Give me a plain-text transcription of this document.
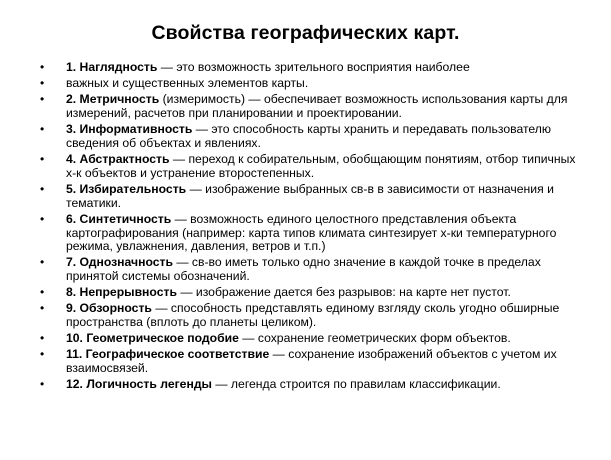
Свойства географических карт.
• 1. Наглядность — это возможность зрительного восприятия наиболее
• важных и существенных элементов карты.
• 2. Метричность (измеримость) — обеспечивает возможность использования карты для измерений, расчетов при планировании и проектировании.
• 3. Информативность — это способность карты хранить и передавать пользователю сведения об объектах и явлениях.
• 4. Абстрактность — переход к собирательным, обобщающим понятиям, отбор типичных х-к объектов и устранение второстепенных.
• 5. Избирательность — изображение выбранных св-в в зависимости от назначения и тематики.
• 6. Синтетичность — возможность единого целостного представления объекта картографирования (например: карта типов климата синтезирует х-ки температурного режима, увлажнения, давления, ветров и т.п.)
• 7. Однозначность — св-во иметь только одно значение в каждой точке в пределах принятой системы обозначений.
• 8. Непрерывность — изображение дается без разрывов: на карте нет пустот.
• 9. Обзорность — способность представлять единому взгляду сколь угодно обширные пространства (вплоть до планеты целиком).
• 10. Геометрическое подобие — сохранение геометрических форм объектов.
• 11. Географическое соответствие — сохранение изображений объектов с учетом их взаимосвязей.
• 12. Логичность легенды — легенда строится по правилам классификации.
